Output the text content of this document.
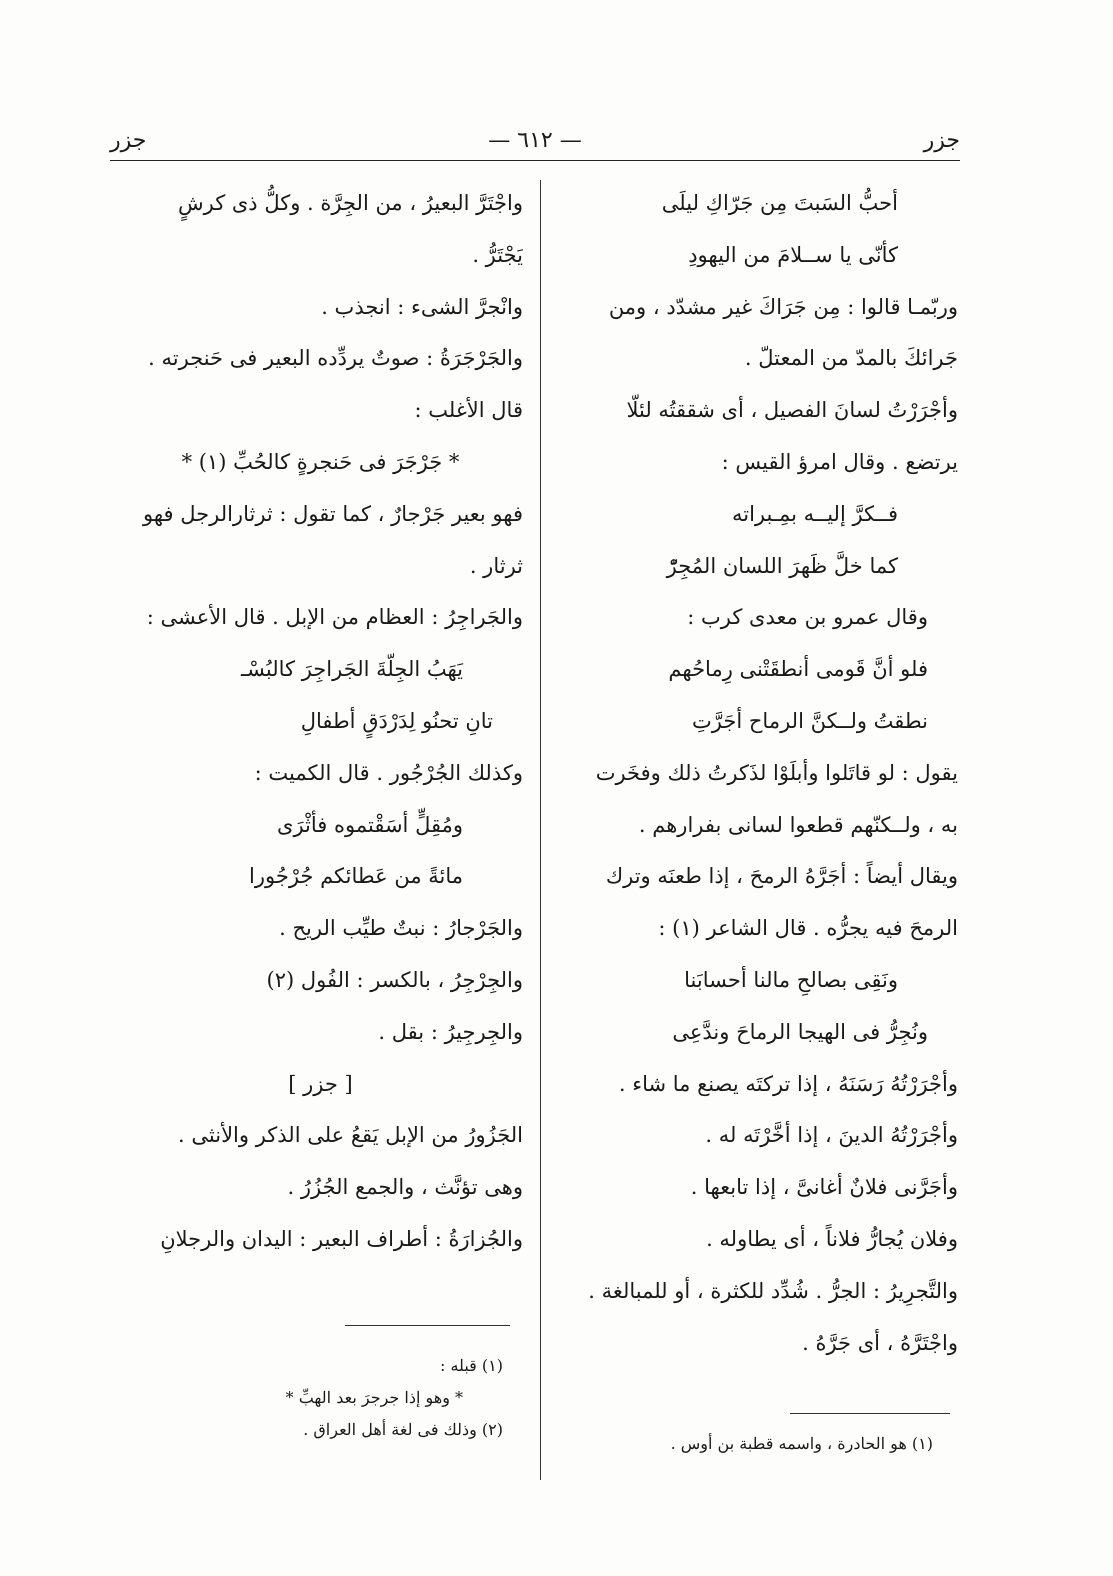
جزر
— ٦١٢ —
جزر
أحبُّ السَبتَ مِن جَرّاكِ ليلَى
كأنّى يا ســلامَ من اليهودِ
وربّمـا قالوا : مِن جَرَاكَ غير مشدّد ، ومن
جَرائكَ بالمدّ من المعتلّ .
وأجْرَرْتُ لسانَ الفصيل ، أى شققتُه لئلّا
يرتضع . وقال امرؤ القيس :
فــكرَّ إليــه بمِـبراته
كما خلَّ ظَهرَ اللسان المُجِرّْ
وقال عمرو بن معدى كرب :
فلو أنَّ قَومى أنطقَتْنى رِماحُهم
نطقتُ ولــكنَّ الرماح أجَرَّتِ
يقول : لو قاتَلوا وأبلَوْا لذَكرتُ ذلك وفخَرت
به ، ولــكنّهم قطعوا لسانى بفرارهم .
ويقال أيضاً : أجَرَّهُ الرمحَ ، إذا طعنَه وترك
الرمحَ فيه يجرُّه . قال الشاعر (١) :
ونَقِى بصالحِ مالنا أحسابَنا
ونُجِرُّ فى الهيجا الرماحَ وندَّعِى
وأجْرَرْتُهُ رَسَنَهُ ، إذا تركتَه يصنع ما شاء .
وأجْرَرْتُهُ الدينَ ، إذا أخَّرْتَه له .
وأجَرَّنى فلانٌ أغانىَّ ، إذا تابعها .
وفلان يُجارُّ فلاناً ، أى يطاوله .
والتَّجرِيرُ : الجرُّ . شُدِّد للكثرة ، أو للمبالغة .
واجْتَرَّهُ ، أى جَرَّهُ .
(١) هو الحادرة ، واسمه قطبة بن أوس .
واجْتَرَّ البعيرُ ، من الجِرَّة . وكلُّ ذى كرشٍ
يَجْتَرُّ .
وانْجرَّ الشىء : انجذب .
والجَرْجَرَةُ : صوتٌ يردِّده البعير فى حَنجرته .
قال الأغلب :
* جَرْجَرَ فى حَنجرةٍ كالحُبِّ (١) *
فهو بعير جَرْجارٌ ، كما تقول : ثرثارالرجل فهو
ثرثار .
والجَراجِرُ : العظام من الإبل . قال الأعشى :
يَهَبُ الجِلّةَ الجَراجِرَ كالبُسْـ
تانِ تحنُو لِدَرْدَقٍ أطفالِ
وكذلك الجُرْجُور . قال الكميت :
ومُقِلٍّ أسَقْتموه فأثْرَى
مائةً من عَطائكم جُرْجُورا
والجَرْجارُ : نبتٌ طيِّب الريح .
والجِرْجِرُ ، بالكسر : الفُول (٢)
والجِرجِيرُ : بقل .
[ جزر ]
الجَزُورُ من الإبل يَقعُ على الذكر والأنثى .
وهى تؤنَّث ، والجمع الجُزُرُ .
والجُزارَةُ : أطراف البعير : اليدان والرجلانِ
(١) قبله :
* وهو إذا جرجرَ بعد الهبِّ *
(٢) وذلك فى لغة أهل العراق .
